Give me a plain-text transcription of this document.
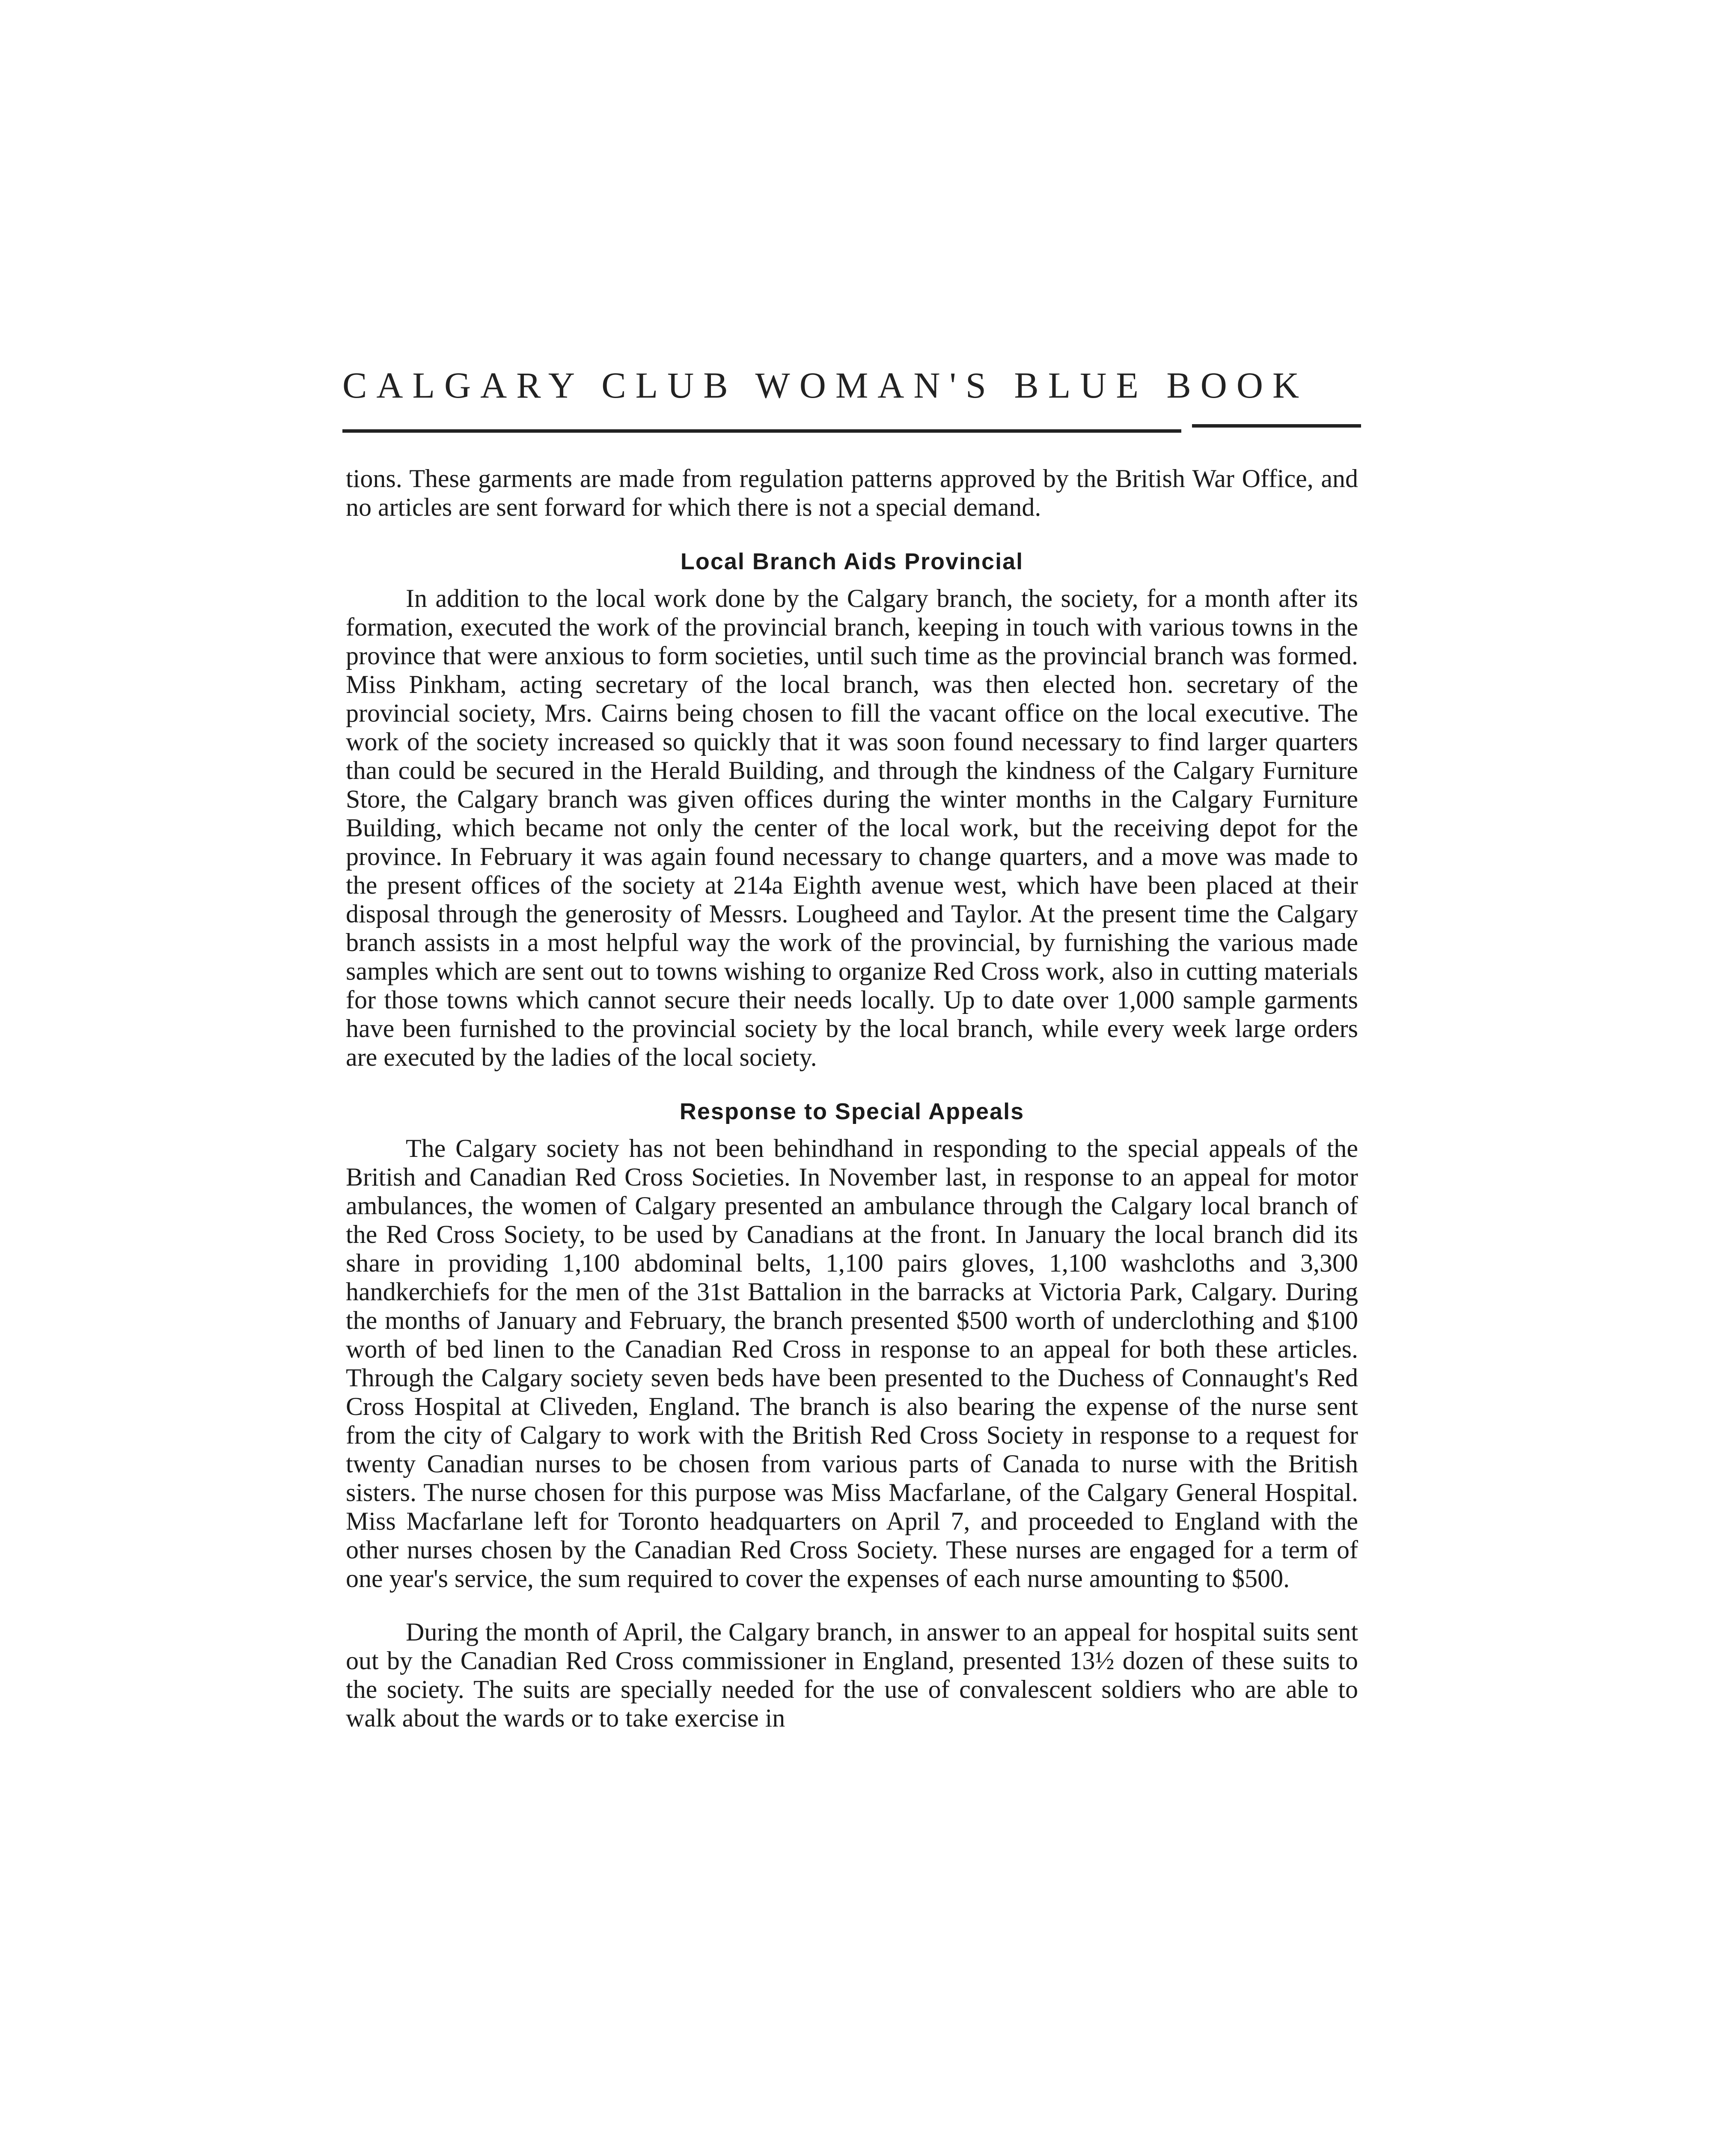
CALGARY CLUB WOMAN'S BLUE BOOK

tions. These garments are made from regulation patterns approved by the British War Office, and no articles are sent forward for which there is not a special demand.

Local Branch Aids Provincial

In addition to the local work done by the Calgary branch, the society, for a month after its formation, executed the work of the provincial branch, keeping in touch with various towns in the province that were anxious to form societies, until such time as the provincial branch was formed. Miss Pinkham, acting secretary of the local branch, was then elected hon. secretary of the provincial society, Mrs. Cairns being chosen to fill the vacant office on the local executive. The work of the society increased so quickly that it was soon found necessary to find larger quarters than could be secured in the Herald Building, and through the kindness of the Calgary Furniture Store, the Calgary branch was given offices during the winter months in the Calgary Furniture Building, which became not only the center of the local work, but the receiving depot for the province. In February it was again found necessary to change quarters, and a move was made to the present offices of the society at 214a Eighth avenue west, which have been placed at their disposal through the generosity of Messrs. Lougheed and Taylor. At the present time the Calgary branch assists in a most helpful way the work of the provincial, by furnishing the various made samples which are sent out to towns wishing to organize Red Cross work, also in cutting materials for those towns which cannot secure their needs locally. Up to date over 1,000 sample garments have been furnished to the provincial society by the local branch, while every week large orders are executed by the ladies of the local society.

Response to Special Appeals

The Calgary society has not been behindhand in responding to the special appeals of the British and Canadian Red Cross Societies. In November last, in response to an appeal for motor ambulances, the women of Calgary presented an ambulance through the Calgary local branch of the Red Cross Society, to be used by Canadians at the front. In January the local branch did its share in providing 1,100 abdominal belts, 1,100 pairs gloves, 1,100 washcloths and 3,300 handkerchiefs for the men of the 31st Battalion in the barracks at Victoria Park, Calgary. During the months of January and February, the branch presented $500 worth of underclothing and $100 worth of bed linen to the Canadian Red Cross in response to an appeal for both these articles. Through the Calgary society seven beds have been presented to the Duchess of Connaught's Red Cross Hospital at Cliveden, England. The branch is also bearing the expense of the nurse sent from the city of Calgary to work with the British Red Cross Society in response to a request for twenty Canadian nurses to be chosen from various parts of Canada to nurse with the British sisters. The nurse chosen for this purpose was Miss Macfarlane, of the Calgary General Hospital. Miss Macfarlane left for Toronto headquarters on April 7, and proceeded to England with the other nurses chosen by the Canadian Red Cross Society. These nurses are engaged for a term of one year's service, the sum required to cover the expenses of each nurse amounting to $500.

During the month of April, the Calgary branch, in answer to an appeal for hospital suits sent out by the Canadian Red Cross commissioner in England, presented 13½ dozen of these suits to the society. The suits are specially needed for the use of convalescent soldiers who are able to walk about the wards or to take exercise in
